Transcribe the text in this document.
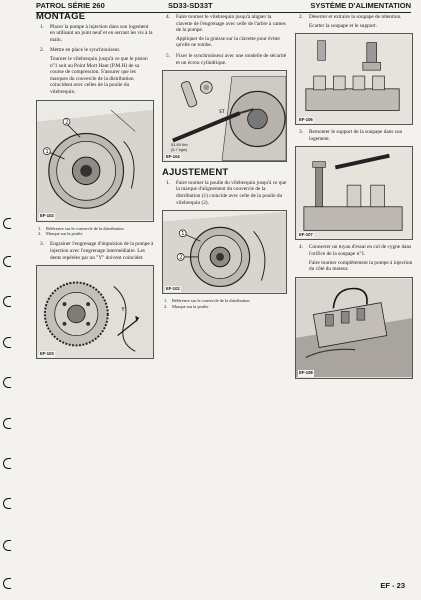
PATROL SÉRIE 260	SD33-SD33T	SYSTÈME D'ALIMENTATION
MONTAGE
1. Placer la pompe à injection dans son logement en utilisant un joint neuf et en serrant les vis à la main.
2. Mettre en place le synchroniseur.
Tourner le vilebrequin jusqu'à ce que le piston n°1 soit au Point Mort Haut (P.M.H) de sa course de compression. S'assurer que les marques du couvercle de la distribution coincident avec celles de la poulie du vilebrequin.
1
2
EF-102
1. Référence sur le couvercle de la distribution
2. Marque sur la poulie
3. Engrainer l'engrenage d'impulsion de la pompe à injection avec l'engrenage intermédiaire. Les dents repérées par un "Y" doivent coincider.
Y
EF-103
4. Faire tourner le vilebrequin jusqu'à aligner la clavette de l'engrenage avec celle de l'arbre à cames de la pompe.
Appliquer de la graisse sur la clavette pour éviter qu'elle ne tombe.
5. Fixer le synchroniseur avec une rondelle de sécurité et un écrou cylindrique.
ST
53-65 Nm
(5-7 kgm)
EF-104
AJUSTEMENT
1. Faire tourner la poulie du vilebrequin jusqu'à ce que la marque d'alignement du couvercle de la distribution (1) coincide avec celle de la poulie du vilebrequin (2).
1
2
EF-102
1. Référence sur le couvercle de la distribution
2. Marque sur la poulie
2. Déserrer et extraire la soupape de rétention.
Ecarter la soupape et le support.
EF-106
3. Remonter le support de la soupape dans son logement.
EF-107
4. Connecter un tuyau d'essai en col de cygne dans l'orifice de la soupape n°1.
Faire tourner complètement la pompe à injection du côté du moteur.
EF-108
EF - 23
